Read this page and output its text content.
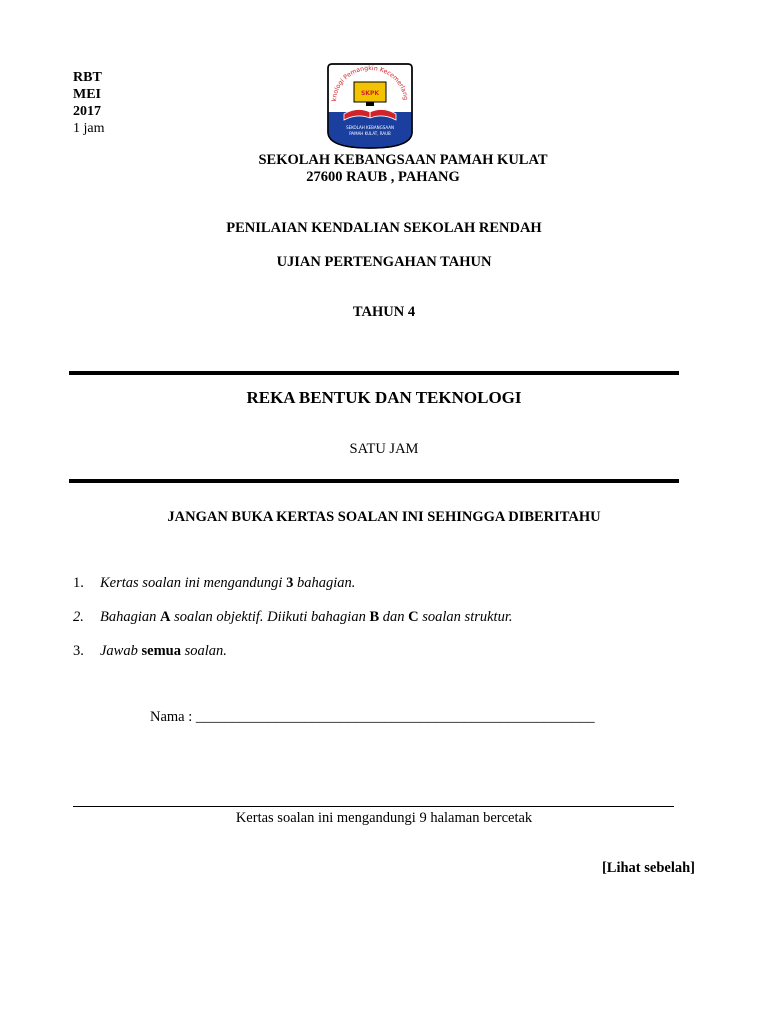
RBT
MEI
2017
1 jam
knologi Pemangkin Kecemerlang
SKPK
SEKOLAH KEBANGSAAN
PAMAH KULAT, RAUB
SEKOLAH KEBANGSAAN PAMAH KULAT
27600 RAUB , PAHANG
PENILAIAN KENDALIAN SEKOLAH RENDAH
UJIAN PERTENGAHAN TAHUN
TAHUN 4
REKA BENTUK DAN TEKNOLOGI
SATU JAM
JANGAN BUKA KERTAS SOALAN INI SEHINGGA DIBERITAHU
1. Kertas soalan ini mengandungi 3 bahagian.
2. Bahagian A soalan objektif. Diikuti bahagian B dan C soalan struktur.
3. Jawab semua soalan.
Nama : _______________________________________________________
Kertas soalan ini mengandungi 9 halaman bercetak
[Lihat sebelah]
